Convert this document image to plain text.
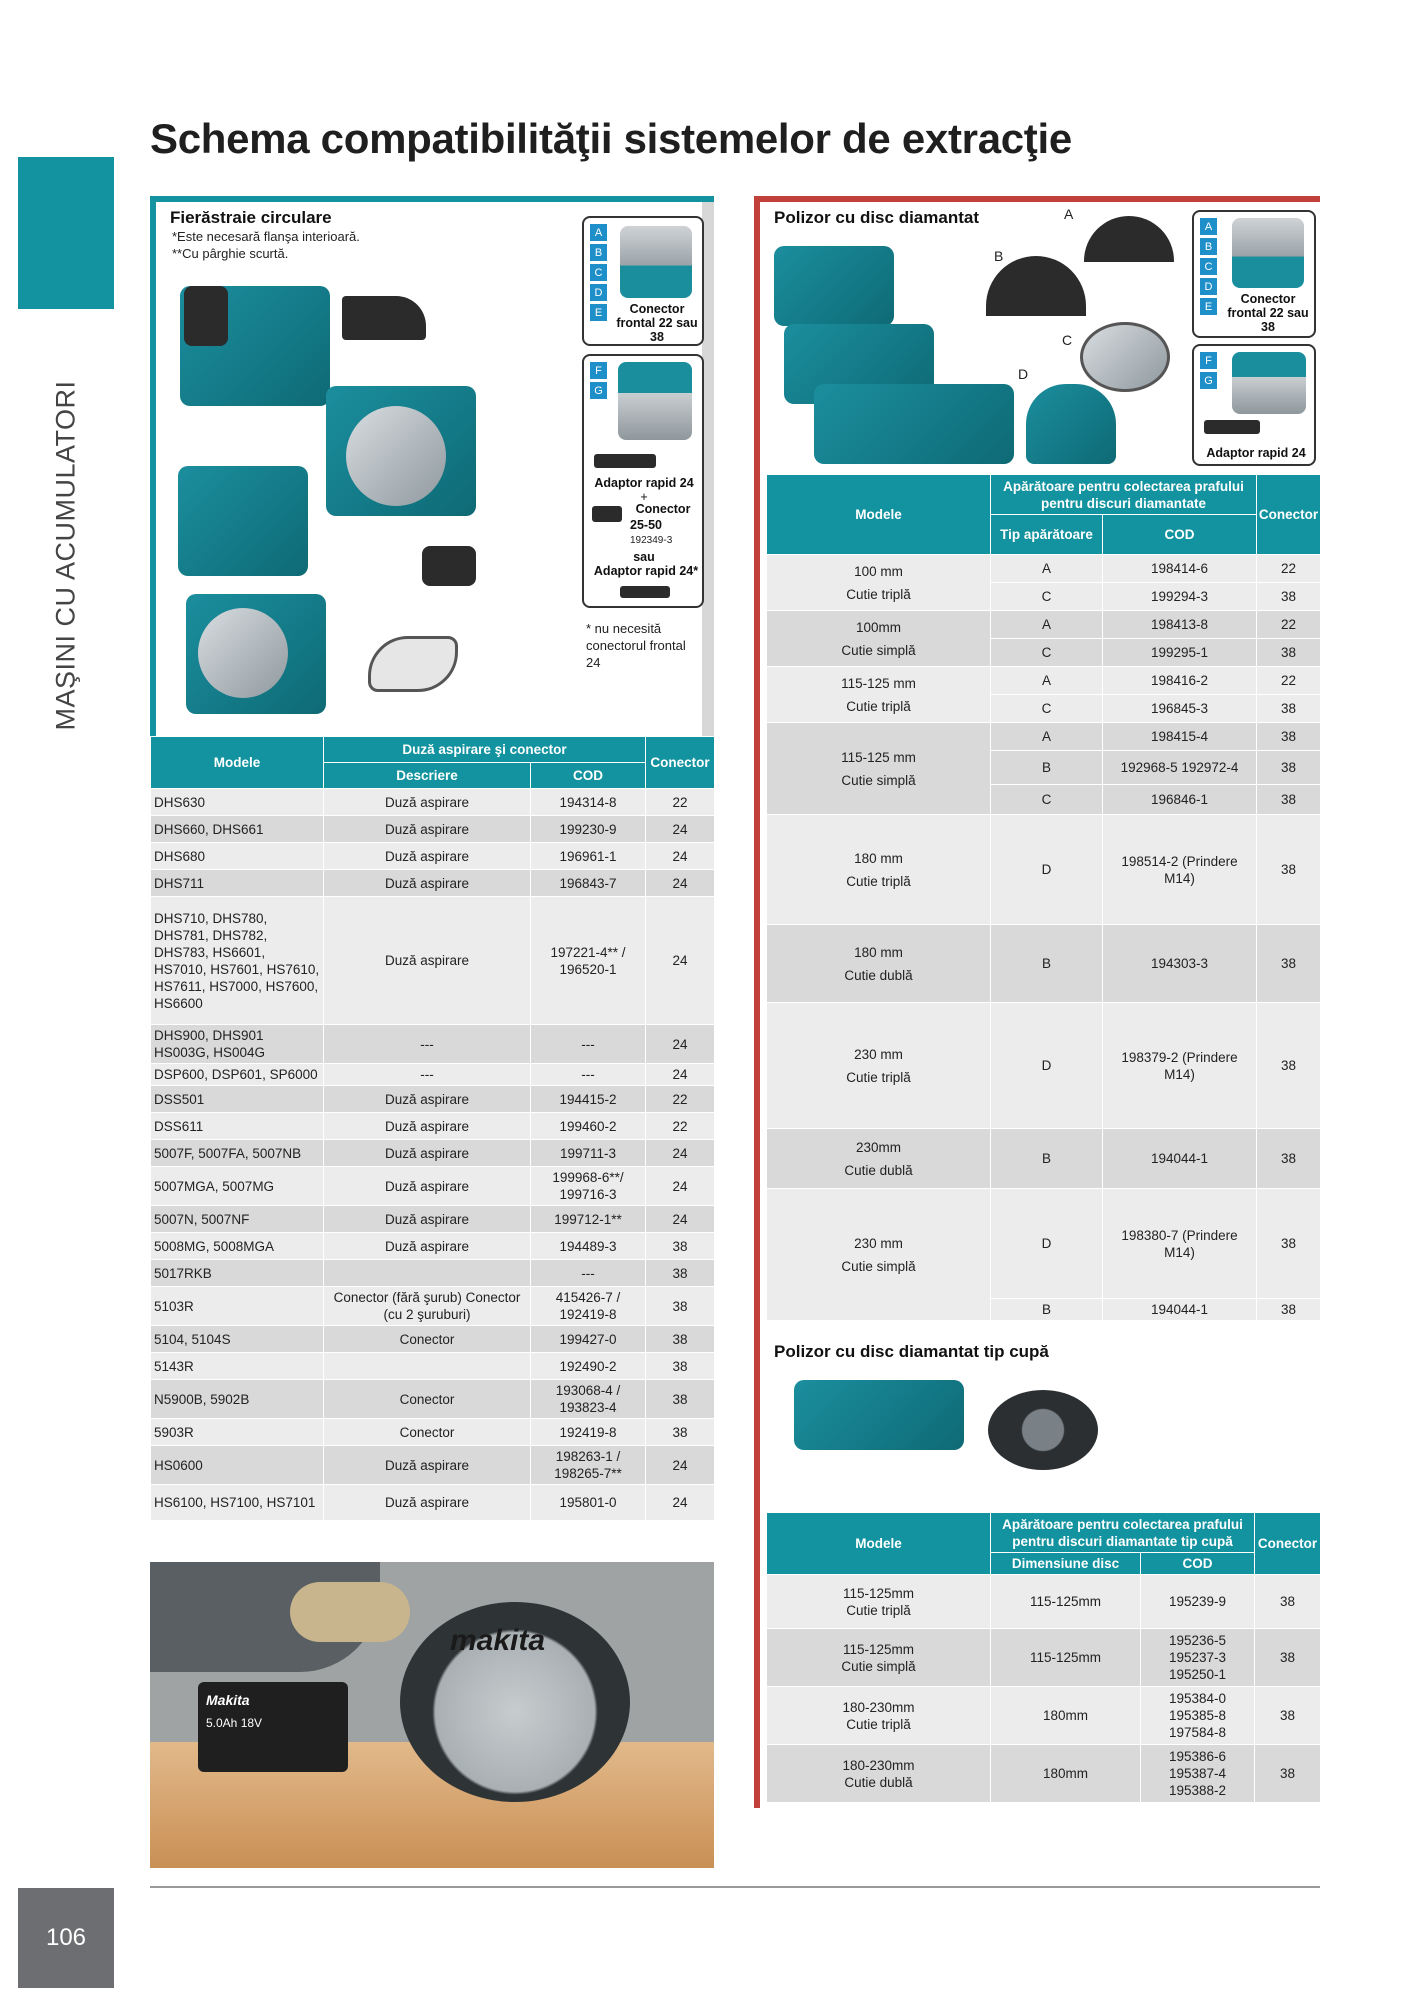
MAŞINI CU ACUMULATORI
Schema compatibilităţii sistemelor de extracţie
Fierăstraie circulare
*Este necesară flanşa interioară.
**Cu pârghie scurtă.
A
B
C
D
E	Conector frontal 22 sau 38
F
G
Adaptor rapid 24
+
Conector
25-50
192349-3
sau
Adaptor rapid 24*
* nu necesită conectorul frontal 24
Modele	Duză aspirare şi conector		Conector
	Descriere	COD	
DHS630	Duză aspirare	194314-8	22
DHS660, DHS661	Duză aspirare	199230-9	24
DHS680	Duză aspirare	196961-1	24
DHS711	Duză aspirare	196843-7	24
DHS710, DHS780, DHS781, DHS782, DHS783, HS6601, HS7010, HS7601, HS7610, HS7611, HS7000, HS7600, HS6600	Duză aspirare	197221-4** / 196520-1	24
DHS900, DHS901 HS003G, HS004G	---	---	24
DSP600, DSP601, SP6000	---	---	24
DSS501	Duză aspirare	194415-2	22
DSS611	Duză aspirare	199460-2	22
5007F, 5007FA, 5007NB	Duză aspirare	199711-3	24
5007MGA, 5007MG	Duză aspirare	199968-6**/ 199716-3	24
5007N, 5007NF	Duză aspirare	199712-1**	24
5008MG, 5008MGA	Duză aspirare	194489-3	38
5017RKB		---	38
5103R	Conector (fără şurub) Conector (cu 2 şuruburi)	415426-7 / 192419-8	38
5104, 5104S	Conector	199427-0	38
5143R		192490-2	38
N5900B, 5902B	Conector	193068-4 / 193823-4	38
5903R	Conector	192419-8	38
HS0600	Duză aspirare	198263-1 / 198265-7**	24
HS6100, HS7100, HS7101	Duză aspirare	195801-0	24
makita
Makita
5.0Ah 18V
Polizor cu disc diamantat	A
B
C
D
A
B
C
D
E
Conector frontal 22 sau 38
F
G
Adaptor rapid 24
Modele	Apărătoare pentru colectarea prafului pentru discuri diamantate		Conector
	Tip apărătoare	COD	

100 mm
Cutie triplă	A	198414-6	22
	C	199294-3	38

100mm
Cutie simplă	A	198413-8	22
	C	199295-1	38

115-125 mm
Cutie triplă	A	198416-2	22
	C	196845-3	38

115-125 mm
Cutie simplă	A	198415-4	38
	B	192968-5 192972-4	38
	C	196846-1	38

180 mm
Cutie triplă	D	198514-2 (Prindere M14)	38

180 mm
Cutie dublă	B	194303-3	38

230 mm
Cutie triplă	D	198379-2 (Prindere M14)	38

230mm
Cutie dublă	B	194044-1	38

230 mm
Cutie simplă	D	198380-7 (Prindere M14)	38
	B	194044-1	38
Polizor cu disc diamantat tip cupă
Modele	Apărătoare pentru colectarea prafului pentru discuri diamantate tip cupă		Conector
	Dimensiune disc	COD	

115-125mm
Cutie triplă	115-125mm	195239-9	38

115-125mm
Cutie simplă	115-125mm	195236-5 195237-3 195250-1	38

180-230mm
Cutie triplă	180mm	195384-0 195385-8 197584-8	38

180-230mm
Cutie dublă	180mm	195386-6 195387-4 195388-2	38
106
